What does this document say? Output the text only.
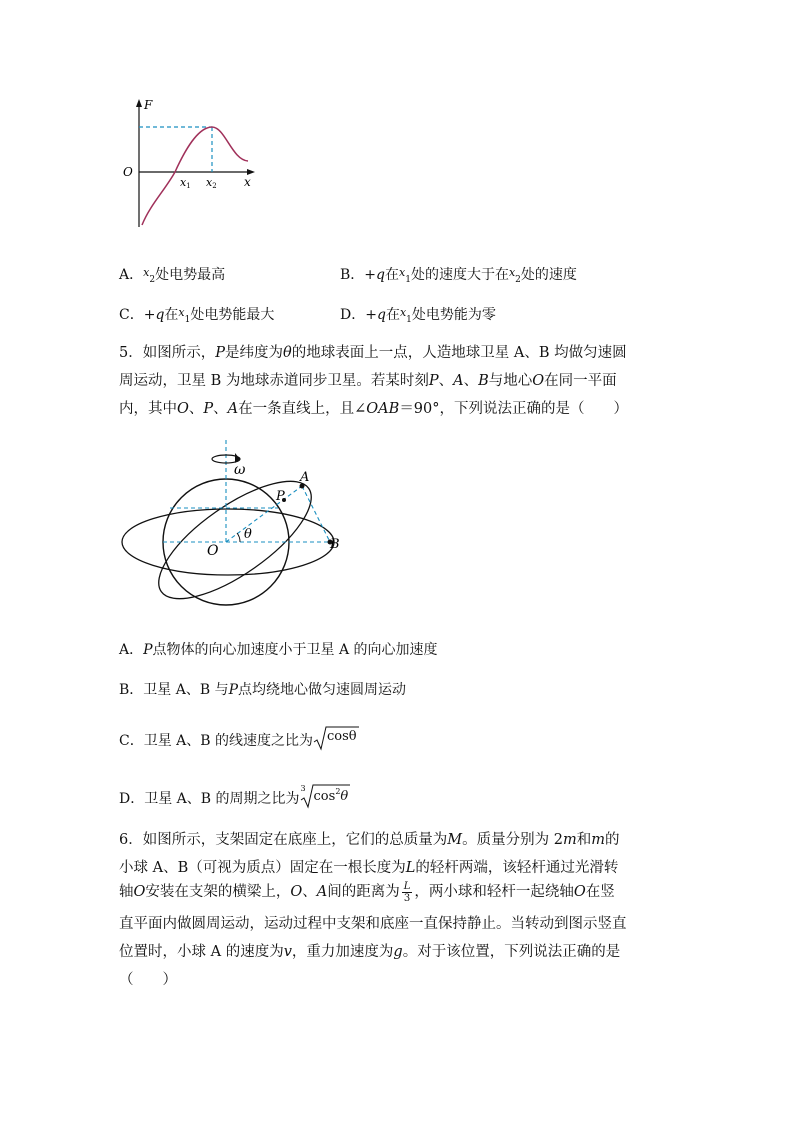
F
O
x
x1 x2
A．$^x_2$处电势最高	B．+q在$^x_1$处的速度大于在$^x_2$处的速度
C．+q在$^x_1$处电势能最大	D．+q在$^x_1$处电势能为零
5．如图所示，P是纬度为θ的地球表面上一点，人造地球卫星 A、B 均做匀速圆
周运动，卫星 B 为地球赤道同步卫星。若某时刻P、A、B与地心O在同一平面
内，其中O、P、A在一条直线上，且∠OAB＝90°，下列说法正确的是（　　）
ω
P
A
O
θ
B
A．P点物体的向心加速度小于卫星 A 的向心加速度
B．卫星 A、B 与P点均绕地心做匀速圆周运动
C．卫星 A、B 的线速度之比为 cosθ
D．卫星 A、B 的周期之比为
3
$\cos^2\theta$
6．如图所示，支架固定在底座上，它们的总质量为M。质量分别为 2m和m的
小球 A、B（可视为质点）固定在一根长度为L的轻杆两端，该轻杆通过光滑转
轴O安装在支架的横梁上，O、A间的距离为 $\frac{L}{3}$ ，两小球和轻杆一起绕轴O在竖
直平面内做圆周运动，运动过程中支架和底座一直保持静止。当转动到图示竖直
位置时，小球 A 的速度为v，重力加速度为g。对于该位置，下列说法正确的是
（　　）
